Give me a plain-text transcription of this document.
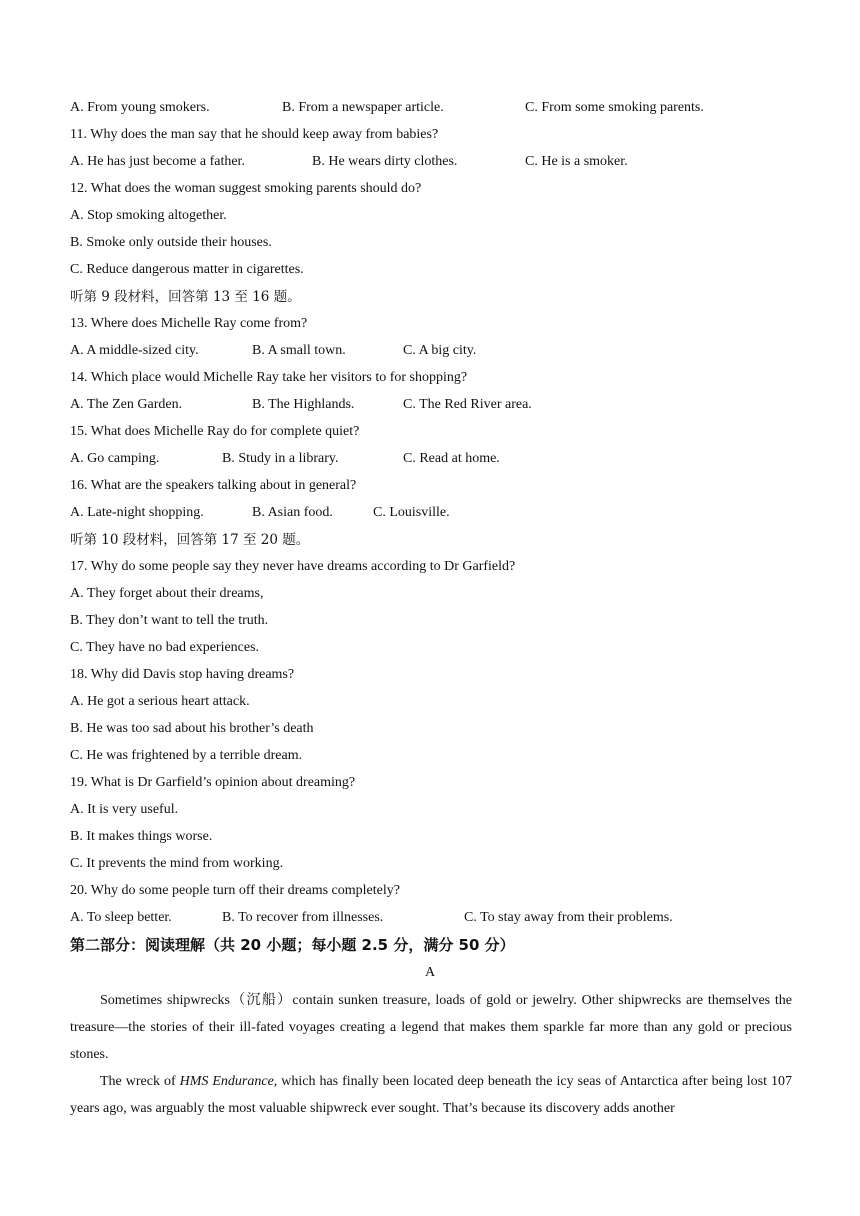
A. From young smokers.	B. From a newspaper article.	C. From some smoking parents.
11. Why does the man say that he should keep away from babies?
A. He has just become a father.	B. He wears dirty clothes.	C. He is a smoker.
12. What does the woman suggest smoking parents should do?
A. Stop smoking altogether.
B. Smoke only outside their houses.
C. Reduce dangerous matter in cigarettes.
听第 9 段材料，回答第 13 至 16 题。
13. Where does Michelle Ray come from?
A. A middle-sized city.	B. A small town.	C. A big city.
14. Which place would Michelle Ray take her visitors to for shopping?
A. The Zen Garden.	B. The Highlands.	C. The Red River area.
15. What does Michelle Ray do for complete quiet?
A. Go camping.	B. Study in a library.	C. Read at home.
16. What are the speakers talking about in general?
A. Late-night shopping.	B. Asian food.	C. Louisville.
听第 10 段材料，回答第 17 至 20 题。
17. Why do some people say they never have dreams according to Dr Garfield?
A. They forget about their dreams,
B. They don’t want to tell the truth.
C. They have no bad experiences.
18. Why did Davis stop having dreams?
A. He got a serious heart attack.
B. He was too sad about his brother’s death
C. He was frightened by a terrible dream.
19. What is Dr Garfield’s opinion about dreaming?
A. It is very useful.
B. It makes things worse.
C. It prevents the mind from working.
20. Why do some people turn off their dreams completely?
A. To sleep better.	B. To recover from illnesses.	C. To stay away from their problems.
第二部分：阅读理解（共 20 小题；每小题 2.5 分，满分 50 分）
A
Sometimes shipwrecks（沉船）contain sunken treasure, loads of gold or jewelry. Other shipwrecks are themselves the treasure—the stories of their ill-fated voyages creating a legend that makes them sparkle far more than any gold or precious stones.
The wreck of HMS Endurance, which has finally been located deep beneath the icy seas of Antarctica after being lost 107 years ago, was arguably the most valuable shipwreck ever sought. That’s because its discovery adds another
